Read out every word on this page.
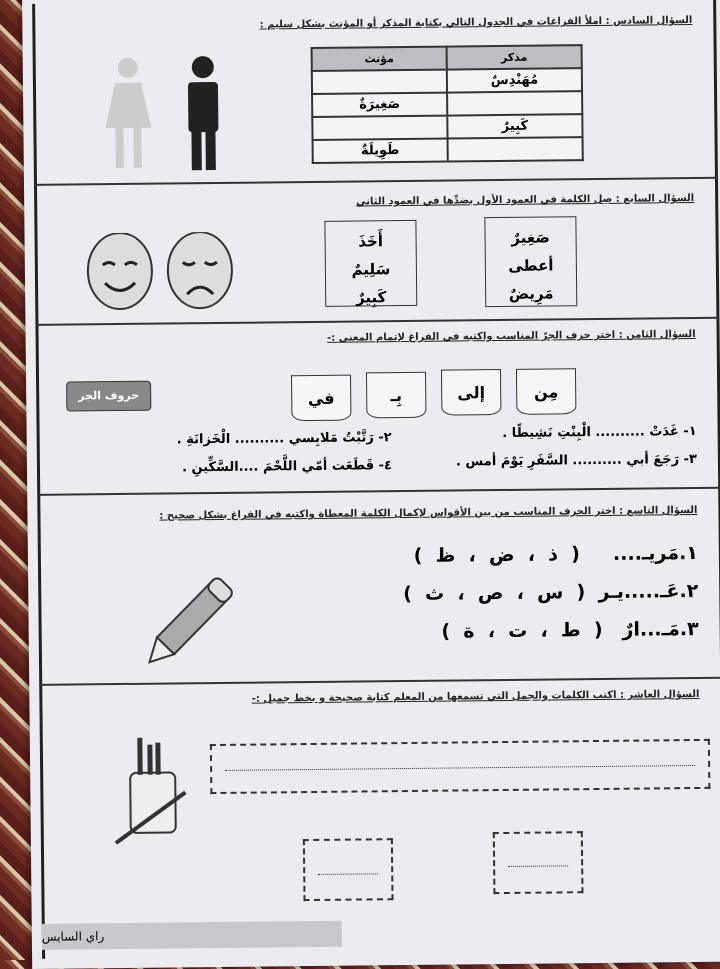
السؤال السادس : املأ الفراغات في الجدول التالي بكتابة المذكر أو المؤنث بشكل سليم :
مذكر	مؤنث
مُهَنْدِسٌ	
	صَغِيرَةٌ
كَبِيرٌ	
	طَوِيلَةٌ
السؤال السابع : صِل الكلمة في العمود الأول بضدِّها في العمود الثاني
صَغِيرٌ
أعطى
مَرِيضٌ
أَخَذَ
سَلِيمٌ
كَبِيرٌ
السؤال الثامن : اختر حرف الجرّ المناسب واكتبه في الفراغ لإتمام المعنى :-
حروف الجر	مِن
إلى
بِـ
في
١- غَدَتْ .......... الْبِنْتِ نَشِيطًا .
٢- رَتَّبْتُ مَلابِسي .......... الْخَزانَةِ .
٣- رَجَعَ أبي .......... السَّفَرِ يَوْمَ أمس .
٤- قَطَعَت أمّي اللَّحْمَ ....السَّكِّينِ .
السؤال التاسع : اختر الحرف المناسب من بين الأقواس لإكمال الكلمة المعطاة واكتبه في الفراغ بشكل صحيح :
١.مَريـ....     (  ذ  ،  ض  ،  ظ  )
٢.عَـ.....يـر  (  س  ،  ص  ،  ث  )
٣.مَـ...ارٌ   (  ط  ،  ت  ،  ة  )
السؤال العاشر : اكتب الكلمات والجمل التي تسمعها من المعلم كتابة صحيحة و بخط جميل :-
راي السايس
